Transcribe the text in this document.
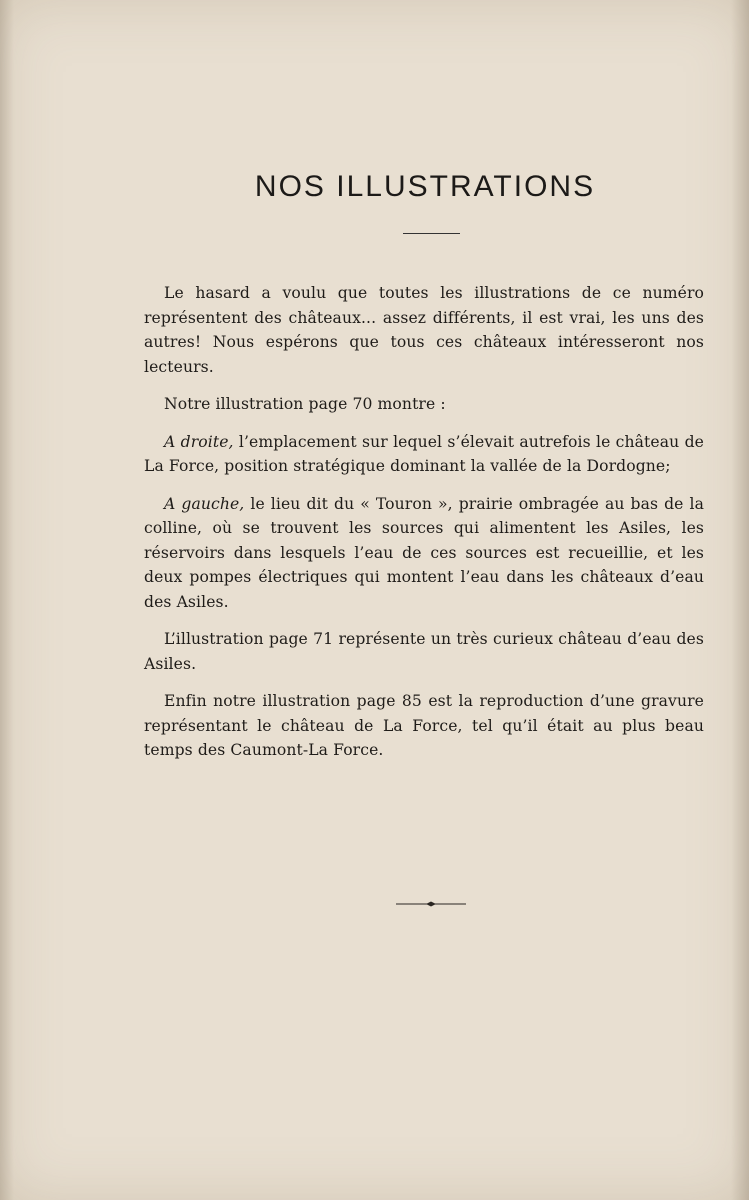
NOS ILLUSTRATIONS

Le hasard a voulu que toutes les illustrations de ce numéro représentent des châteaux... assez différents, il est vrai, les uns des autres! Nous espérons que tous ces châteaux intéresseront nos lecteurs.

Notre illustration page 70 montre :

A droite, l’emplacement sur lequel s’élevait autrefois le château de La Force, position stratégique dominant la vallée de la Dordogne;

A gauche, le lieu dit du « Touron », prairie ombragée au bas de la colline, où se trouvent les sources qui alimentent les Asiles, les réservoirs dans lesquels l’eau de ces sources est recueillie, et les deux pompes électriques qui montent l’eau dans les châteaux d’eau des Asiles.

L’illustration page 71 représente un très curieux château d’eau des Asiles.

Enfin notre illustration page 85 est la reproduction d’une gravure représentant le château de La Force, tel qu’il était au plus beau temps des Caumont-La Force.
